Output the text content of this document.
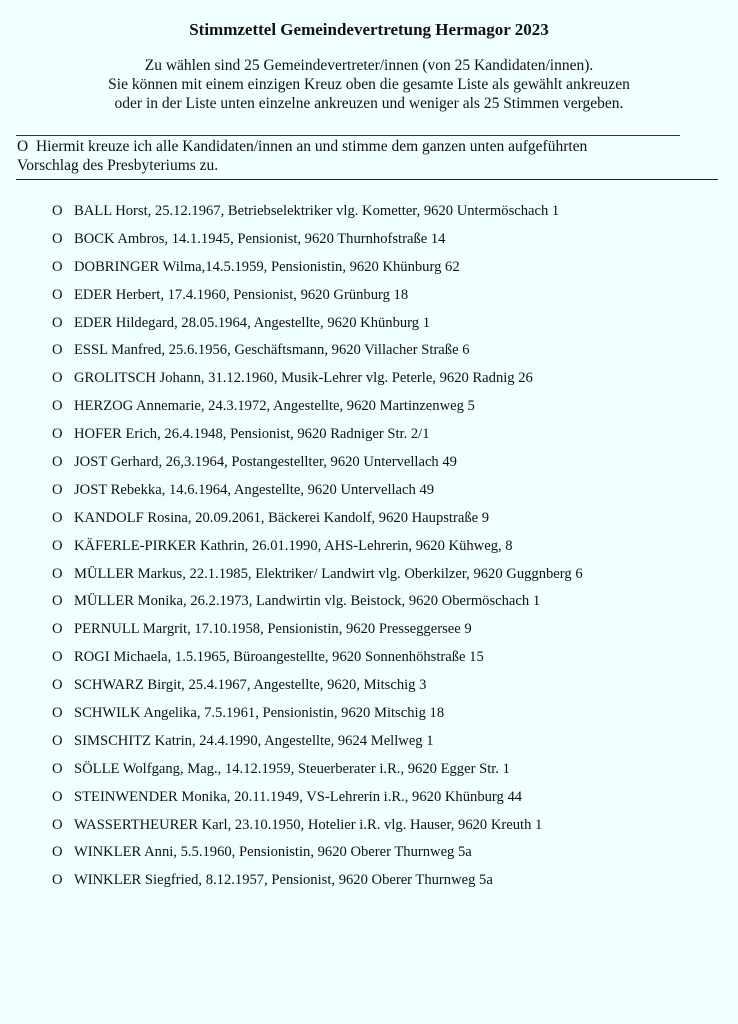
Stimmzettel Gemeindevertretung Hermagor 2023
Zu wählen sind 25 Gemeindevertreter/innen (von 25 Kandidaten/innen).
Sie können mit einem einzigen Kreuz oben die gesamte Liste als gewählt ankreuzen
oder in der Liste unten einzelne ankreuzen und weniger als 25 Stimmen vergeben.
O Hiermit kreuze ich alle Kandidaten/innen an und stimme dem ganzen unten aufgeführten
Vorschlag des Presbyteriums zu.
O BALL Horst, 25.12.1967, Betriebselektriker vlg. Kometter, 9620 Untermöschach 1
O BOCK Ambros, 14.1.1945, Pensionist, 9620 Thurnhofstraße 14
O DOBRINGER Wilma,14.5.1959, Pensionistin, 9620 Khünburg 62
O EDER Herbert, 17.4.1960, Pensionist, 9620 Grünburg 18
O EDER Hildegard, 28.05.1964, Angestellte, 9620 Khünburg 1
O ESSL Manfred, 25.6.1956, Geschäftsmann, 9620 Villacher Straße 6
O GROLITSCH Johann, 31.12.1960, Musik-Lehrer vlg. Peterle, 9620 Radnig 26
O HERZOG Annemarie, 24.3.1972, Angestellte, 9620 Martinzenweg 5
O HOFER Erich, 26.4.1948, Pensionist, 9620 Radniger Str. 2/1
O JOST Gerhard, 26,3.1964, Postangestellter, 9620 Untervellach 49
O JOST Rebekka, 14.6.1964, Angestellte, 9620 Untervellach 49
O KANDOLF Rosina, 20.09.2061, Bäckerei Kandolf, 9620 Haupstraße 9
O KÄFERLE-PIRKER Kathrin, 26.01.1990, AHS-Lehrerin, 9620 Kühweg, 8
O MÜLLER Markus, 22.1.1985, Elektriker/ Landwirt vlg. Oberkilzer, 9620 Guggnberg 6
O MÜLLER Monika, 26.2.1973, Landwirtin vlg. Beistock, 9620 Obermöschach 1
O PERNULL Margrit, 17.10.1958, Pensionistin, 9620 Presseggersee 9
O ROGI Michaela, 1.5.1965, Büroangestellte, 9620 Sonnenhöhstraße 15
O SCHWARZ Birgit, 25.4.1967, Angestellte, 9620, Mitschig 3
O SCHWILK Angelika, 7.5.1961, Pensionistin, 9620 Mitschig 18
O SIMSCHITZ Katrin, 24.4.1990, Angestellte, 9624 Mellweg 1
O SÖLLE Wolfgang, Mag., 14.12.1959, Steuerberater i.R., 9620 Egger Str. 1
O STEINWENDER Monika, 20.11.1949, VS-Lehrerin i.R., 9620 Khünburg 44
O WASSERTHEURER Karl, 23.10.1950, Hotelier i.R. vlg. Hauser, 9620 Kreuth 1
O WINKLER Anni, 5.5.1960, Pensionistin, 9620 Oberer Thurnweg 5a
O WINKLER Siegfried, 8.12.1957, Pensionist, 9620 Oberer Thurnweg 5a
